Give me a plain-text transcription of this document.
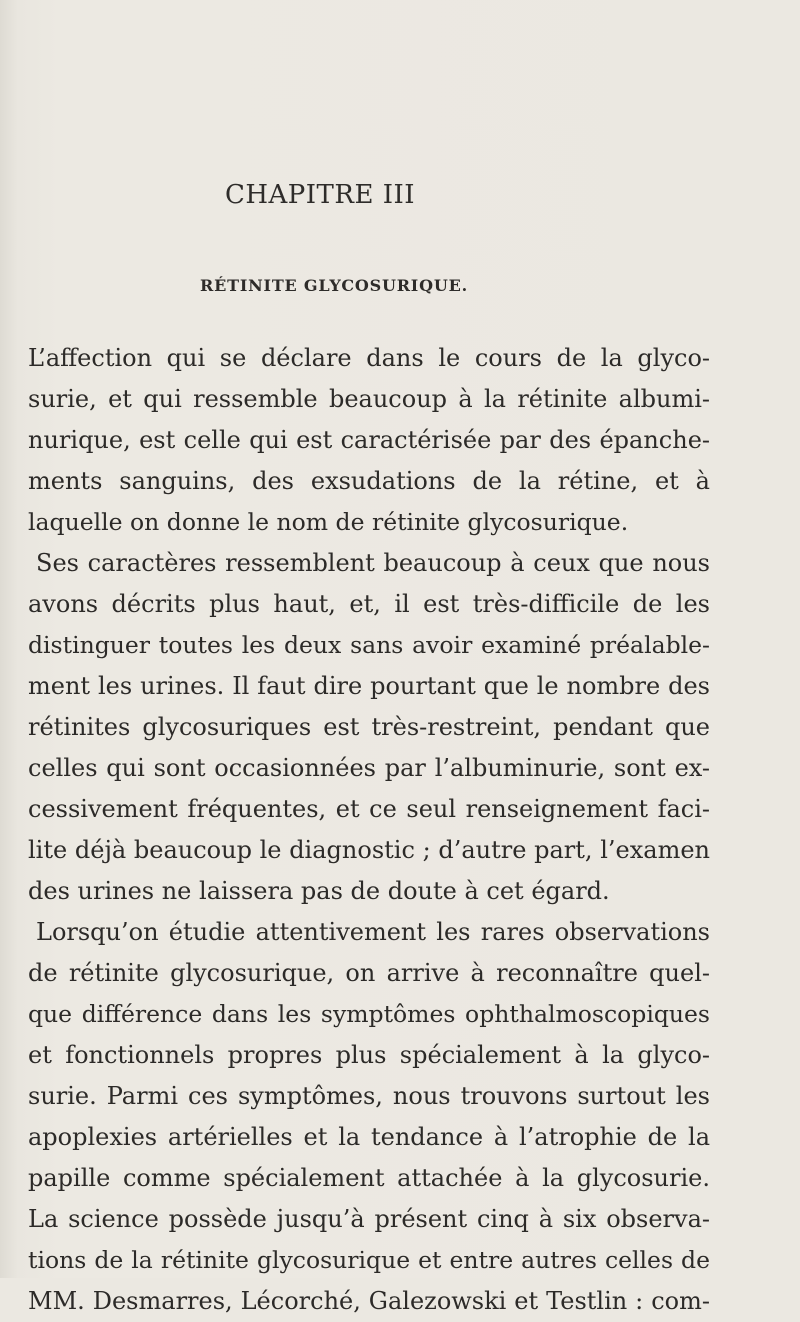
CHAPITRE III
RÉTINITE GLYCOSURIQUE.
L’affection qui se déclare dans le cours de la glyco-
surie, et qui ressemble beaucoup à la rétinite albumi-
nurique, est celle qui est caractérisée par des épanche-
ments sanguins, des exsudations de la rétine, et à
laquelle on donne le nom de rétinite glycosurique.
Ses caractères ressemblent beaucoup à ceux que nous
avons décrits plus haut, et, il est très-difficile de les
distinguer toutes les deux sans avoir examiné préalable-
ment les urines. Il faut dire pourtant que le nombre des
rétinites glycosuriques est très-restreint, pendant que
celles qui sont occasionnées par l’albuminurie, sont ex-
cessivement fréquentes, et ce seul renseignement faci-
lite déjà beaucoup le diagnostic ; d’autre part, l’examen
des urines ne laissera pas de doute à cet égard.
Lorsqu’on étudie attentivement les rares observations
de rétinite glycosurique, on arrive à reconnaître quel-
que différence dans les symptômes ophthalmoscopiques
et fonctionnels propres plus spécialement à la glyco-
surie. Parmi ces symptômes, nous trouvons surtout les
apoplexies artérielles et la tendance à l’atrophie de la
papille comme spécialement attachée à la glycosurie.
La science possède jusqu’à présent cinq à six observa-
tions de la rétinite glycosurique et entre autres celles de
MM. Desmarres, Lécorché, Galezowski et Testlin : com-
